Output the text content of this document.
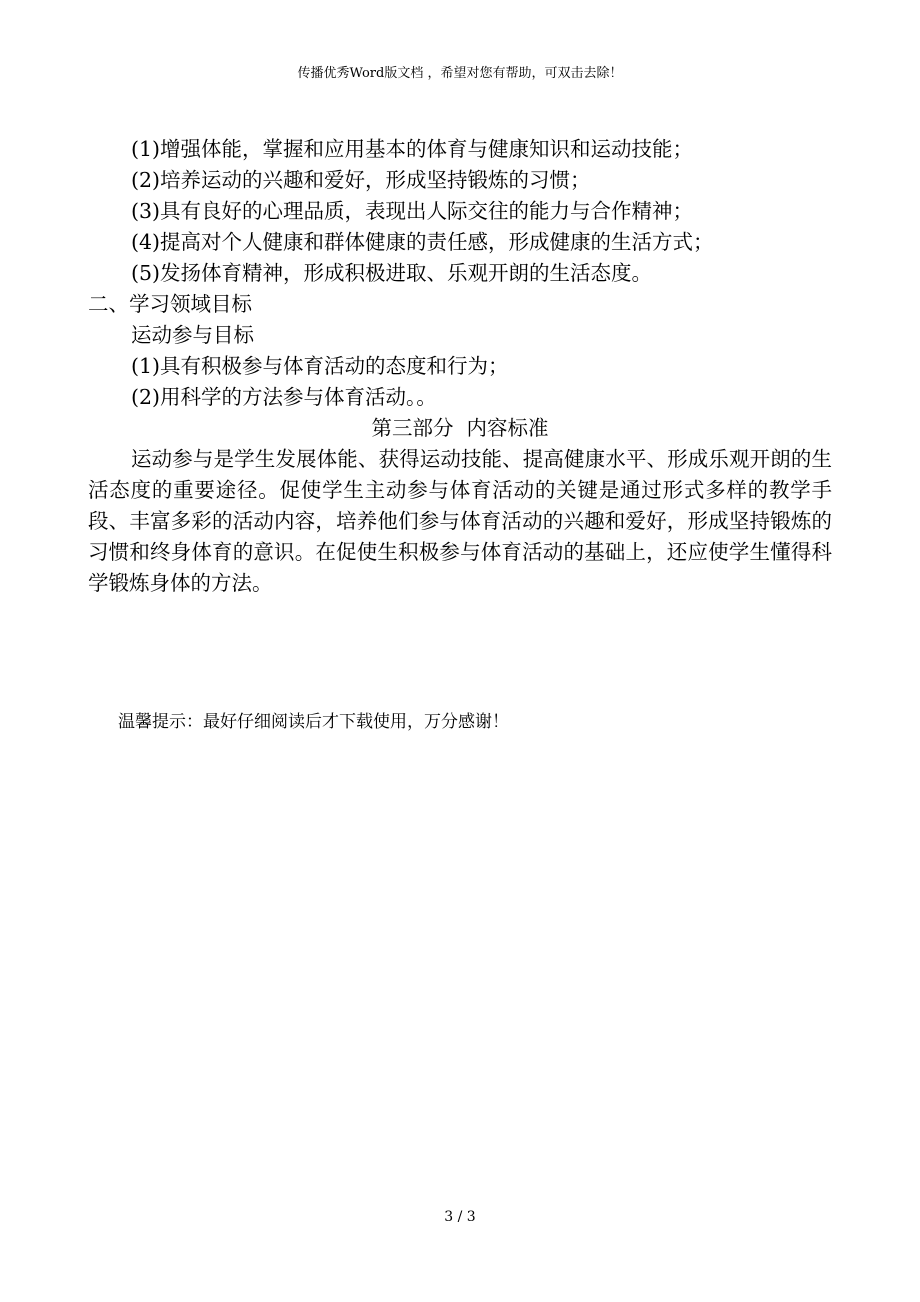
传播优秀Word版文档 ，希望对您有帮助，可双击去除！
(1)增强体能，掌握和应用基本的体育与健康知识和运动技能；
(2)培养运动的兴趣和爱好，形成坚持锻炼的习惯；
(3)具有良好的心理品质，表现出人际交往的能力与合作精神；
(4)提高对个人健康和群体健康的责任感，形成健康的生活方式；
(5)发扬体育精神，形成积极进取、乐观开朗的生活态度。
二、学习领域目标
运动参与目标
(1)具有积极参与体育活动的态度和行为；
(2)用科学的方法参与体育活动。。
第三部分  内容标准

运动参与是学生发展体能、获得运动技能、提高健康水平、形成乐观开朗的生活态度的重要途径。促使学生主动参与体育活动的关键是通过形式多样的教学手段、丰富多彩的活动内容，培养他们参与体育活动的兴趣和爱好，形成坚持锻炼的习惯和终身体育的意识。在促使生积极参与体育活动的基础上，还应使学生懂得科学锻炼身体的方法。

温馨提示：最好仔细阅读后才下载使用，万分感谢！
3 / 3
